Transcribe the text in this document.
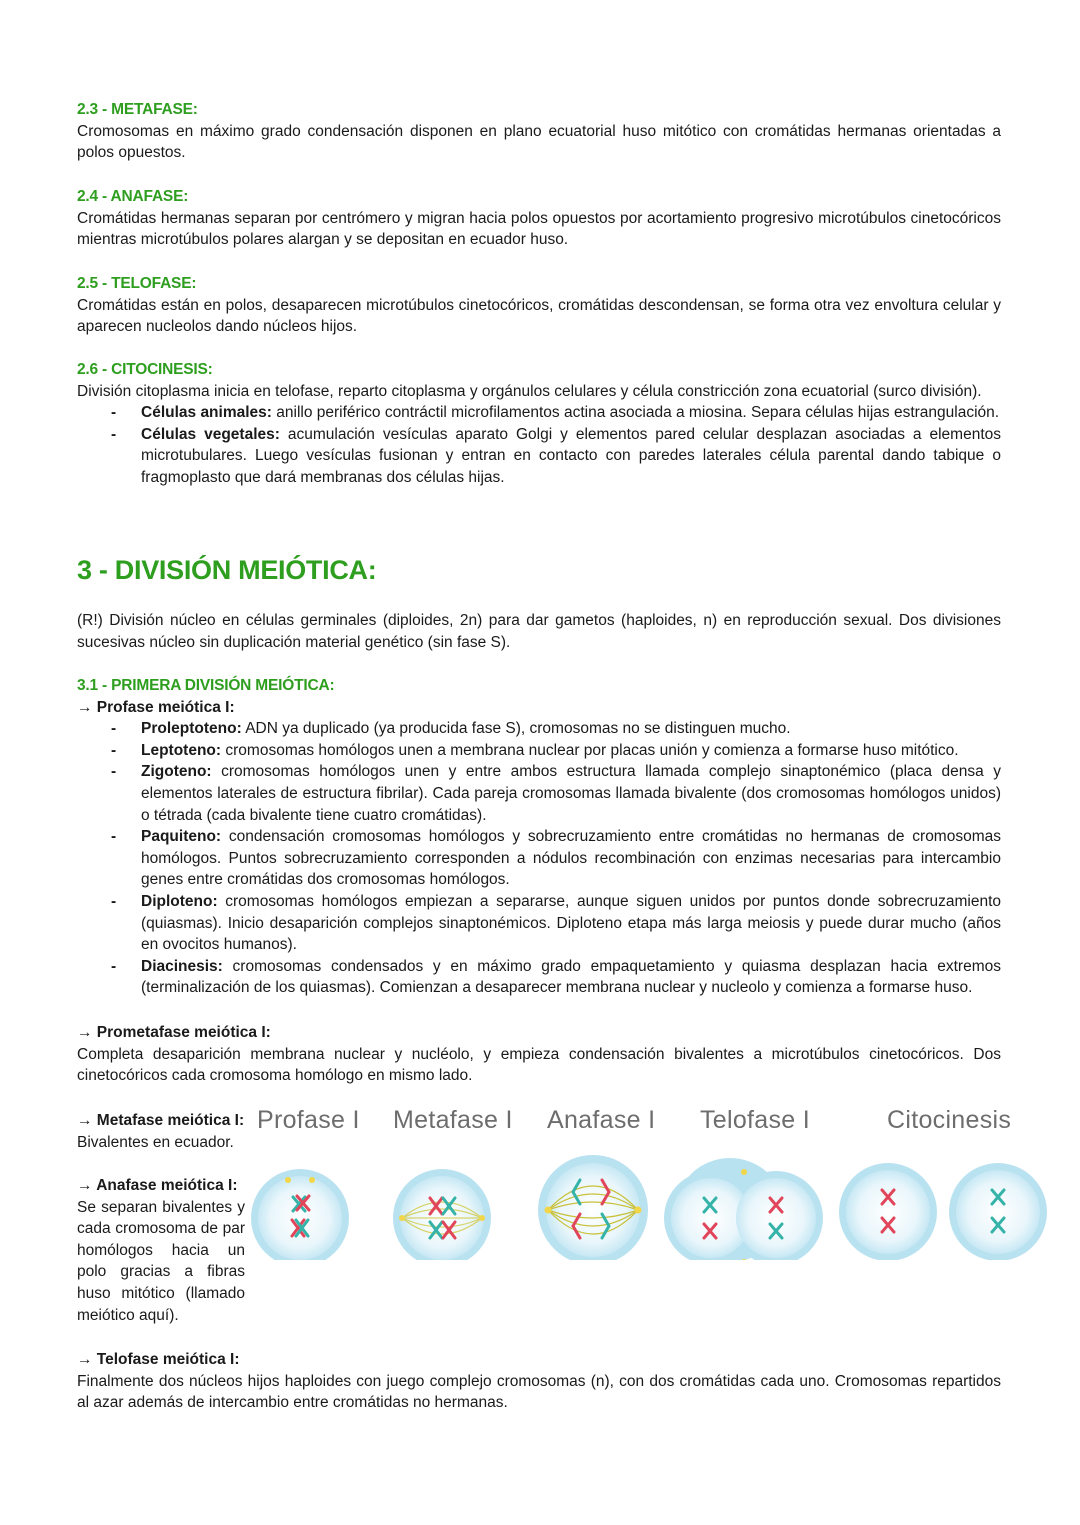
2.3 - METAFASE:
Cromosomas en máximo grado condensación disponen en plano ecuatorial huso mitótico con cromátidas hermanas orientadas a polos opuestos.
2.4 - ANAFASE:
Cromátidas hermanas separan por centrómero y migran hacia polos opuestos por acortamiento progresivo microtúbulos cinetocóricos mientras microtúbulos polares alargan y se depositan en ecuador huso.
2.5 - TELOFASE:
Cromátidas están en polos, desaparecen microtúbulos cinetocóricos, cromátidas descondensan, se forma otra vez envoltura celular y aparecen nucleolos dando núcleos hijos.
2.6 - CITOCINESIS:
División citoplasma inicia en telofase, reparto citoplasma y orgánulos celulares y célula constricción zona ecuatorial (surco división).
- Células animales: anillo periférico contráctil microfilamentos actina asociada a miosina. Separa células hijas estrangulación.
- Células vegetales: acumulación vesículas aparato Golgi y elementos pared celular desplazan asociadas a elementos microtubulares. Luego vesículas fusionan y entran en contacto con paredes laterales célula parental dando tabique o fragmoplasto que dará membranas dos células hijas.
3 - DIVISIÓN MEIÓTICA:
(R!) División núcleo en células germinales (diploides, 2n) para dar gametos (haploides, n) en reproducción sexual. Dos divisiones sucesivas núcleo sin duplicación material genético (sin fase S).
3.1 - PRIMERA DIVISIÓN MEIÓTICA:
→ Profase meiótica I:
- Proleptoteno: ADN ya duplicado (ya producida fase S), cromosomas no se distinguen mucho.
- Leptoteno: cromosomas homólogos unen a membrana nuclear por placas unión y comienza a formarse huso mitótico.
- Zigoteno: cromosomas homólogos unen y entre ambos estructura llamada complejo sinaptonémico (placa densa y elementos laterales de estructura fibrilar). Cada pareja cromosomas llamada bivalente (dos cromosomas homólogos unidos) o tétrada (cada bivalente tiene cuatro cromátidas).
- Paquiteno: condensación cromosomas homólogos y sobrecruzamiento entre cromátidas no hermanas de cromosomas homólogos. Puntos sobrecruzamiento corresponden a nódulos recombinación con enzimas necesarias para intercambio genes entre cromátidas dos cromosomas homólogos.
- Diploteno: cromosomas homólogos empiezan a separarse, aunque siguen unidos por puntos donde sobrecruzamiento (quiasmas). Inicio desaparición complejos sinaptonémicos. Diploteno etapa más larga meiosis y puede durar mucho (años en ovocitos humanos).
- Diacinesis: cromosomas condensados y en máximo grado empaquetamiento y quiasma desplazan hacia extremos (terminalización de los quiasmas). Comienzan a desaparecer membrana nuclear y nucleolo y comienza a formarse huso.
→ Prometafase meiótica I:
Completa desaparición membrana nuclear y nucléolo, y empieza condensación bivalentes a microtúbulos cinetocóricos. Dos cinetocóricos cada cromosoma homólogo en mismo lado.
→ Metafase meiótica I:
Bivalentes en ecuador.
→ Anafase meiótica I:
Se separan bivalentes y cada cromosoma de par homólogos hacia un polo gracias a fibras huso mitótico (llamado meiótico aquí).
Profase I Metafase I Anafase I Telofase I	Citocinesis
→ Telofase meiótica I:
Finalmente dos núcleos hijos haploides con juego complejo cromosomas (n), con dos cromátidas cada uno. Cromosomas repartidos al azar además de intercambio entre cromátidas no hermanas.
